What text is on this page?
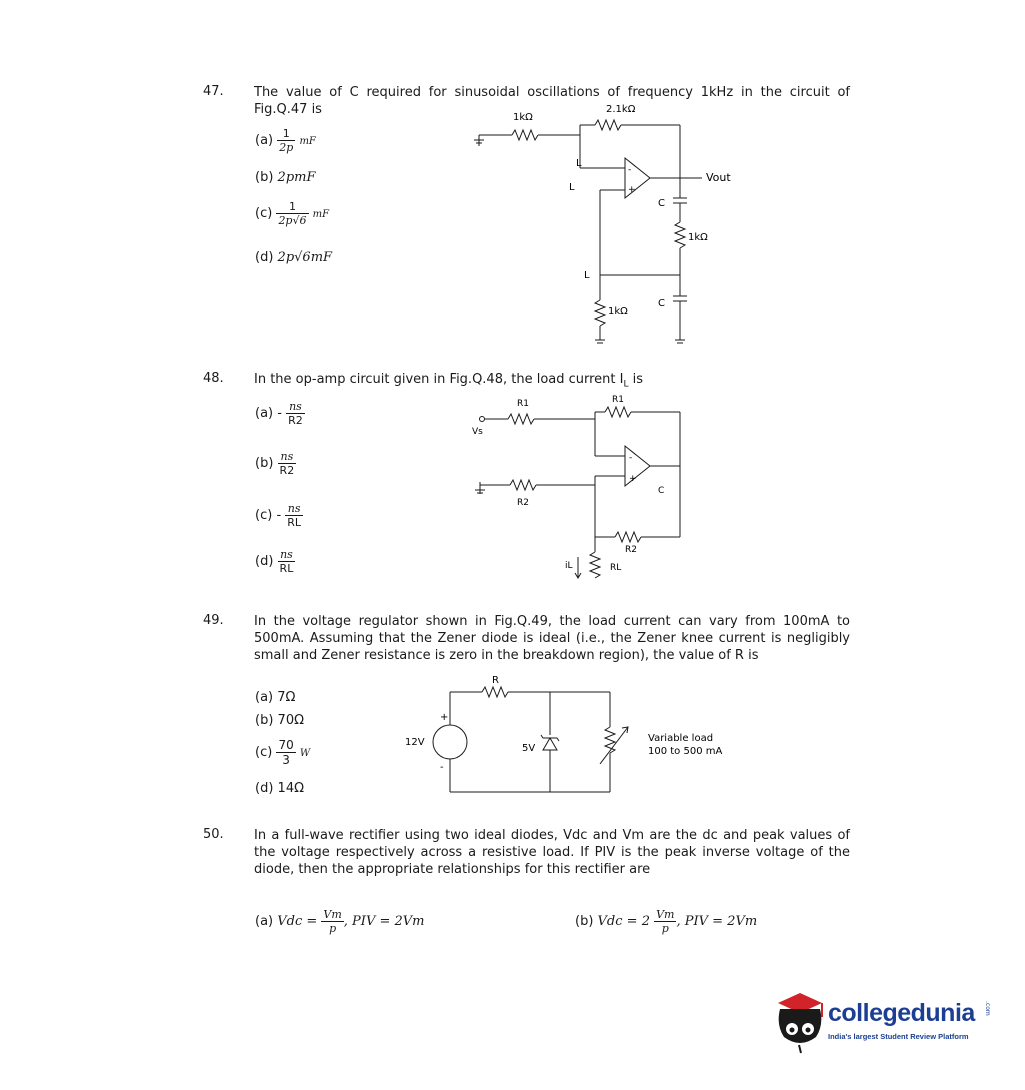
47. The value of C required for sinusoidal oscillations of frequency 1kHz in the circuit of Fig.Q.47 is
$(a) \frac{1}{2p}$ mF
(b) 2pmF
$(c) \frac{1}{2p√6}$ mF
(d) 2p√6mF
-
+
1kΩ
2.1kΩ
L
L
L
Vout
C
1kΩ
C
1kΩ
48. In the op-amp circuit given in Fig.Q.48, the load current $I_L$ is
$(a) - \frac{ns}{R2}$
$(b) \frac{ns}{R2}$
$(c) - \frac{ns}{RL}$
$(d) \frac{ns}{RL}$
-
+
Vs
R1	R1
R2
R2
RL
iL
C
49. In the voltage regulator shown in Fig.Q.49, the load current can vary from 100mA to 500mA. Assuming that the Zener diode is ideal (i.e., the Zener knee current is negligibly small and Zener resistance is zero in the breakdown region), the value of R is
(a) 7Ω
(b) 70Ω
$(c) \frac{70}{3}$ W
(d) 14Ω
+
-
12V
R
5V
Variable load
100 to 500 mA
50. In a full-wave rectifier using two ideal diodes, Vdc and Vm are the dc and peak values of the voltage respectively across a resistive load. If PIV is the peak inverse voltage of the diode, then the appropriate relationships for this rectifier are
(a) Vdc = $\frac{Vm}{p}$ , PIV = 2Vm	(b) Vdc = $2 \frac{Vm}{p}$ , PIV = 2Vm
collegedunia .com
India's largest Student Review Platform
